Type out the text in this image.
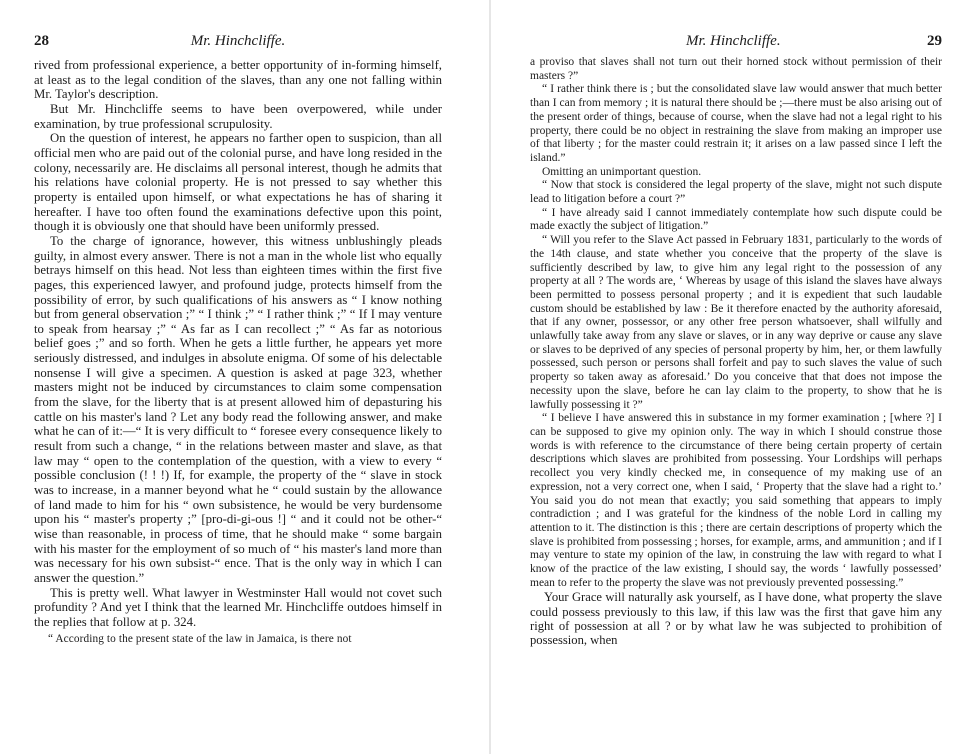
28	Mr. Hinchcliffe.

rived from professional experience, a better opportunity of in-forming himself, at least as to the legal condition of the slaves, than any one not falling within Mr. Taylor's description.

But Mr. Hinchcliffe seems to have been overpowered, while under examination, by true professional scrupulosity.

On the question of interest, he appears no farther open to suspicion, than all official men who are paid out of the colonial purse, and have long resided in the colony, necessarily are. He disclaims all personal interest, though he admits that his relations have colonial property. He is not pressed to say whether this property is entailed upon himself, or what expectations he has of sharing it hereafter. I have too often found the examinations defective upon this point, though it is obviously one that should have been uniformly pressed.

To the charge of ignorance, however, this witness unblushingly pleads guilty, in almost every answer. There is not a man in the whole list who equally betrays himself on this head. Not less than eighteen times within the first five pages, this experienced lawyer, and profound judge, protects himself from the possibility of error, by such qualifications of his answers as “ I know nothing but from general observation ;” “ I think ;” “ I rather think ;” “ If I may venture to speak from hearsay ;” “ As far as I can recollect ;” “ As far as notorious belief goes ;” and so forth. When he gets a little further, he appears yet more seriously distressed, and indulges in absolute enigma. Of some of his delectable nonsense I will give a specimen. A question is asked at page 323, whether masters might not be induced by circumstances to claim some compensation from the slave, for the liberty that is at present allowed him of depasturing his cattle on his master's land ? Let any body read the following answer, and make what he can of it:—“ It is very difficult to “ foresee every consequence likely to result from such a change, “ in the relations between master and slave, as that law may “ open to the contemplation of the question, with a view to every “ possible conclusion (! ! !) If, for example, the property of the “ slave in stock was to increase, in a manner beyond what he “ could sustain by the allowance of land made to him for his “ own subsistence, he would be very burdensome upon his “ master's property ;” [pro-di-gi-ous !] “ and it could not be other-“ wise than reasonable, in process of time, that he should make “ some bargain with his master for the employment of so much of “ his master's land more than was necessary for his own subsist-“ ence. That is the only way in which I can answer the question.”

This is pretty well. What lawyer in Westminster Hall would not covet such profundity ? And yet I think that the learned Mr. Hinchcliffe outdoes himself in the replies that follow at p. 324.

“ According to the present state of the law in Jamaica, is there not

Mr. Hinchcliffe.	29

a proviso that slaves shall not turn out their horned stock without permission of their masters ?”

“ I rather think there is ; but the consolidated slave law would answer that much better than I can from memory ; it is natural there should be ;—there must be also arising out of the present order of things, because of course, when the slave had not a legal right to his property, there could be no object in restraining the slave from making an improper use of that liberty ; for the master could restrain it; it arises on a law passed since I left the island.”

Omitting an unimportant question.

“ Now that stock is considered the legal property of the slave, might not such dispute lead to litigation before a court ?”

“ I have already said I cannot immediately contemplate how such dispute could be made exactly the subject of litigation.”

“ Will you refer to the Slave Act passed in February 1831, particularly to the words of the 14th clause, and state whether you conceive that the property of the slave is sufficiently described by law, to give him any legal right to the possession of any property at all ? The words are, ‘ Whereas by usage of this island the slaves have always been permitted to possess personal property ; and it is expedient that such laudable custom should be established by law : Be it therefore enacted by the authority aforesaid, that if any owner, possessor, or any other free person whatsoever, shall wilfully and unlawfully take away from any slave or slaves, or in any way deprive or cause any slave or slaves to be deprived of any species of personal property by him, her, or them lawfully possessed, such person or persons shall forfeit and pay to such slaves the value of such property so taken away as aforesaid.’ Do you conceive that that does not impose the necessity upon the slave, before he can lay claim to the property, to show that he is lawfully possessing it ?”

“ I believe I have answered this in substance in my former examination ; [where ?] I can be supposed to give my opinion only. The way in which I should construe those words is with reference to the circumstance of there being certain property of certain descriptions which slaves are prohibited from possessing. Your Lordships will perhaps recollect you very kindly checked me, in consequence of my making use of an expression, not a very correct one, when I said, ‘ Property that the slave had a right to.’ You said you do not mean that exactly; you said something that appears to imply contradiction ; and I was grateful for the kindness of the noble Lord in calling my attention to it. The distinction is this ; there are certain descriptions of property which the slave is prohibited from possessing ; horses, for example, arms, and ammunition ; and if I may venture to state my opinion of the law, in construing the law with regard to what I know of the practice of the law existing, I should say, the words ‘ lawfully possessed’ mean to refer to the property the slave was not previously prevented possessing.”

Your Grace will naturally ask yourself, as I have done, what property the slave could possess previously to this law, if this law was the first that gave him any right of possession at all ? or by what law he was subjected to prohibition of possession, when
